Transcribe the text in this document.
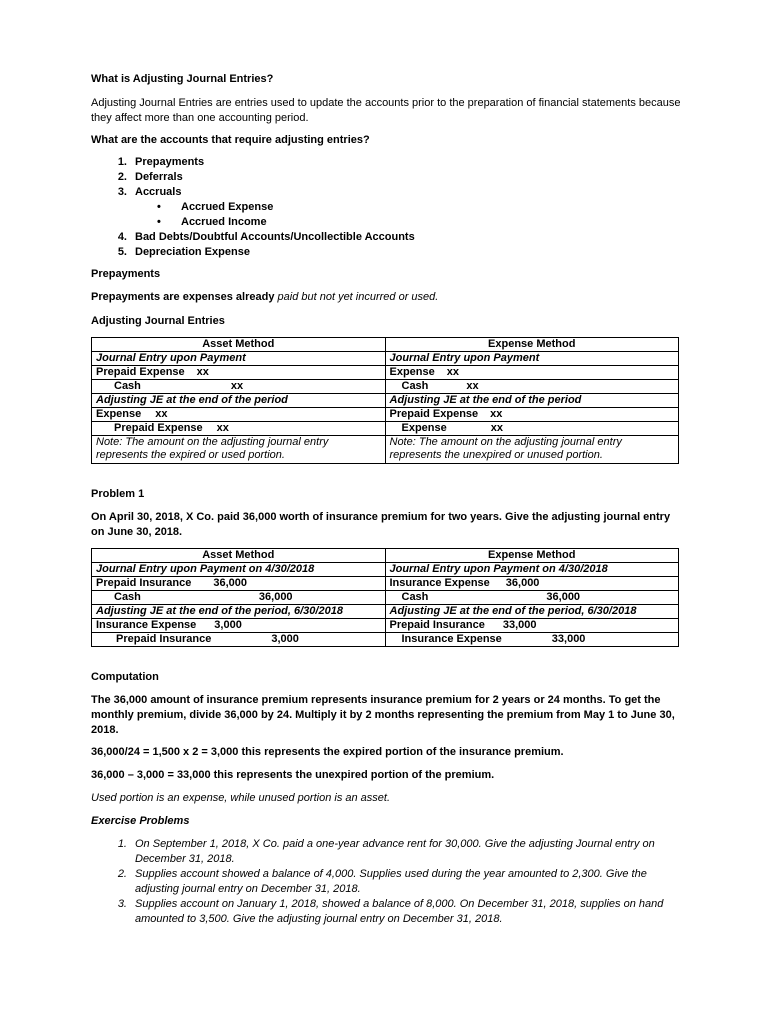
What is Adjusting Journal Entries?
Adjusting Journal Entries are entries used to update the accounts prior to the preparation of financial statements because they affect more than one accounting period.
What are the accounts that require adjusting entries?
1. Prepayments
2. Deferrals
3. Accruals
•	Accrued Expense
•	Accrued Income
4. Bad Debts/Doubtful Accounts/Uncollectible Accounts
5. Depreciation Expense
Prepayments
Prepayments are expenses already paid but not yet incurred or used.
Adjusting Journal Entries
Asset Method	Expense Method
Journal Entry upon Payment	Journal Entry upon Payment
Prepaid Expense xx	Expense xx
Cash xx	Cash xx
Adjusting JE at the end of the period	Adjusting JE at the end of the period
Expense xx	Prepaid Expense xx
Prepaid Expense xx	Expense xx
Note: The amount on the adjusting journal entry represents the expired or used portion.	Note: The amount on the adjusting journal entry represents the unexpired or unused portion.
Problem 1
On April 30, 2018, X Co. paid 36,000 worth of insurance premium for two years. Give the adjusting journal entry on June 30, 2018.
Asset Method	Expense Method
Journal Entry upon Payment on 4/30/2018	Journal Entry upon Payment on 4/30/2018
Prepaid Insurance 36,000	Insurance Expense 36,000
Cash 36,000	Cash 36,000
Adjusting JE at the end of the period, 6/30/2018	Adjusting JE at the end of the period, 6/30/2018
Insurance Expense 3,000	Prepaid Insurance 33,000
Prepaid Insurance 3,000	Insurance Expense 33,000
Computation
The 36,000 amount of insurance premium represents insurance premium for 2 years or 24 months. To get the monthly premium, divide 36,000 by 24. Multiply it by 2 months representing the premium from May 1 to June 30, 2018.
36,000/24 = 1,500 x 2 = 3,000 this represents the expired portion of the insurance premium.
36,000 – 3,000 = 33,000 this represents the unexpired portion of the premium.
Used portion is an expense, while unused portion is an asset.
Exercise Problems
1. On September 1, 2018, X Co. paid a one-year advance rent for 30,000. Give the adjusting Journal entry on December 31, 2018.
2. Supplies account showed a balance of 4,000. Supplies used during the year amounted to 2,300. Give the adjusting journal entry on December 31, 2018.
3. Supplies account on January 1, 2018, showed a balance of 8,000. On December 31, 2018, supplies on hand amounted to 3,500. Give the adjusting journal entry on December 31, 2018.
